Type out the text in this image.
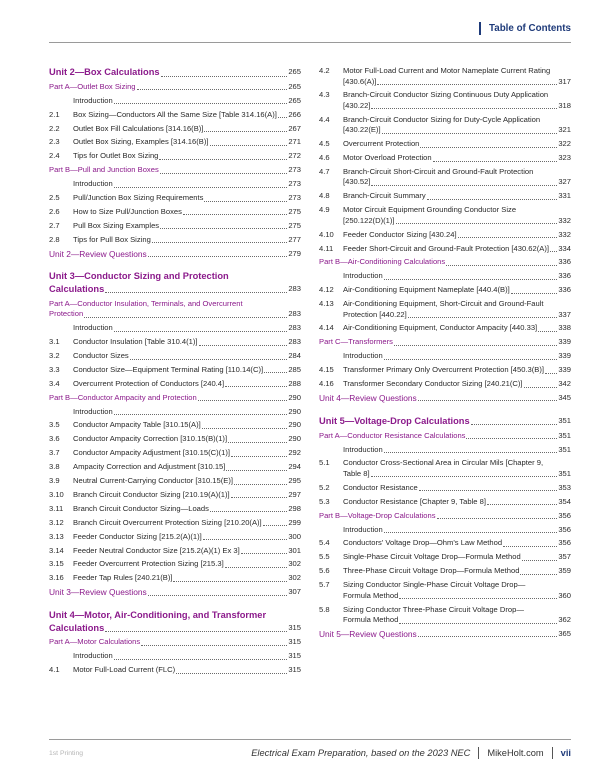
Table of Contents
Unit 2—Box Calculations	265
Part A—Outlet Box Sizing	265
Introduction	265
2.1	Box Sizing—Conductors All the Same Size [Table 314.16(A)] 266
2.2	Outlet Box Fill Calculations [314.16(B)]	267
2.3	Outlet Box Sizing, Examples [314.16(B)]	271
2.4	Tips for Outlet Box Sizing	272
Part B—Pull and Junction Boxes	273
Introduction	273
2.5	Pull/Junction Box Sizing Requirements	273
2.6	How to Size Pull/Junction Boxes	275
2.7	Pull Box Sizing Examples	275
2.8	Tips for Pull Box Sizing	277
Unit 2—Review Questions	279
Unit 3—Conductor Sizing and Protection
Calculations	283
Part A—Conductor Insulation, Terminals, and Overcurrent
Protection	283
Introduction	283
3.1	Conductor Insulation [Table 310.4(1)]	283
3.2	Conductor Sizes	284
3.3	Conductor Size—Equipment Terminal Rating [110.14(C)]	285
3.4	Overcurrent Protection of Conductors [240.4]	288
Part B—Conductor Ampacity and Protection	290
Introduction	290
3.5	Conductor Ampacity Table [310.15(A)]	290
3.6	Conductor Ampacity Correction [310.15(B)(1)]	290
3.7	Conductor Ampacity Adjustment [310.15(C)(1)]	292
3.8	Ampacity Correction and Adjustment [310.15]	294
3.9	Neutral Current-Carrying Conductor [310.15(E)]	295
3.10	Branch Circuit Conductor Sizing [210.19(A)(1)]	297
3.11	Branch Circuit Conductor Sizing—Loads	298
3.12	Branch Circuit Overcurrent Protection Sizing [210.20(A)]	299
3.13	Feeder Conductor Sizing [215.2(A)(1)]	300
3.14	Feeder Neutral Conductor Size [215.2(A)(1) Ex 3]	301
3.15	Feeder Overcurrent Protection Sizing [215.3]	302
3.16	Feeder Tap Rules [240.21(B)]	302
Unit 3—Review Questions	307
Unit 4—Motor, Air-Conditioning, and Transformer
Calculations	315
Part A—Motor Calculations	315
Introduction	315
4.1	Motor Full-Load Current (FLC)	315
4.2	Motor Full-Load Current and Motor Nameplate Current Rating
[430.6(A)]	317
4.3	Branch-Circuit Conductor Sizing Continuous Duty Application
[430.22]	318
4.4	Branch-Circuit Conductor Sizing for Duty-Cycle Application
[430.22(E)]	321
4.5	Overcurrent Protection	322
4.6	Motor Overload Protection	323
4.7	Branch-Circuit Short-Circuit and Ground-Fault Protection
[430.52]	327
4.8	Branch-Circuit Summary	331
4.9	Motor Circuit Equipment Grounding Conductor Size
[250.122(D)(1)]	332
4.10	Feeder Conductor Sizing [430.24]	332
4.11	Feeder Short-Circuit and Ground-Fault Protection [430.62(A)] 334
Part B—Air-Conditioning Calculations	336
Introduction	336
4.12	Air-Conditioning Equipment Nameplate [440.4(B)]	336
4.13	Air-Conditioning Equipment, Short-Circuit and Ground-Fault
Protection [440.22]	337
4.14	Air-Conditioning Equipment, Conductor Ampacity [440.33]	338
Part C—Transformers	339
Introduction	339
4.15	Transformer Primary Only Overcurrent Protection [450.3(B)] 339
4.16	Transformer Secondary Conductor Sizing [240.21(C)]	342
Unit 4—Review Questions	345
Unit 5—Voltage-Drop Calculations	351
Part A—Conductor Resistance Calculations	351
Introduction	351
5.1	Conductor Cross-Sectional Area in Circular Mils [Chapter 9,
Table 8]	351
5.2	Conductor Resistance	353
5.3	Conductor Resistance [Chapter 9, Table 8]	354
Part B—Voltage-Drop Calculations	356
Introduction	356
5.4	Conductors' Voltage Drop—Ohm's Law Method	356
5.5	Single-Phase Circuit Voltage Drop—Formula Method	357
5.6	Three-Phase Circuit Voltage Drop—Formula Method	359
5.7	Sizing Conductor Single-Phase Circuit Voltage Drop—
Formula Method	360
5.8	Sizing Conductor Three-Phase Circuit Voltage Drop—
Formula Method	362
Unit 5—Review Questions	365
1st Printing	Electrical Exam Preparation, based on the 2023 NEC MikeHolt.com vii
